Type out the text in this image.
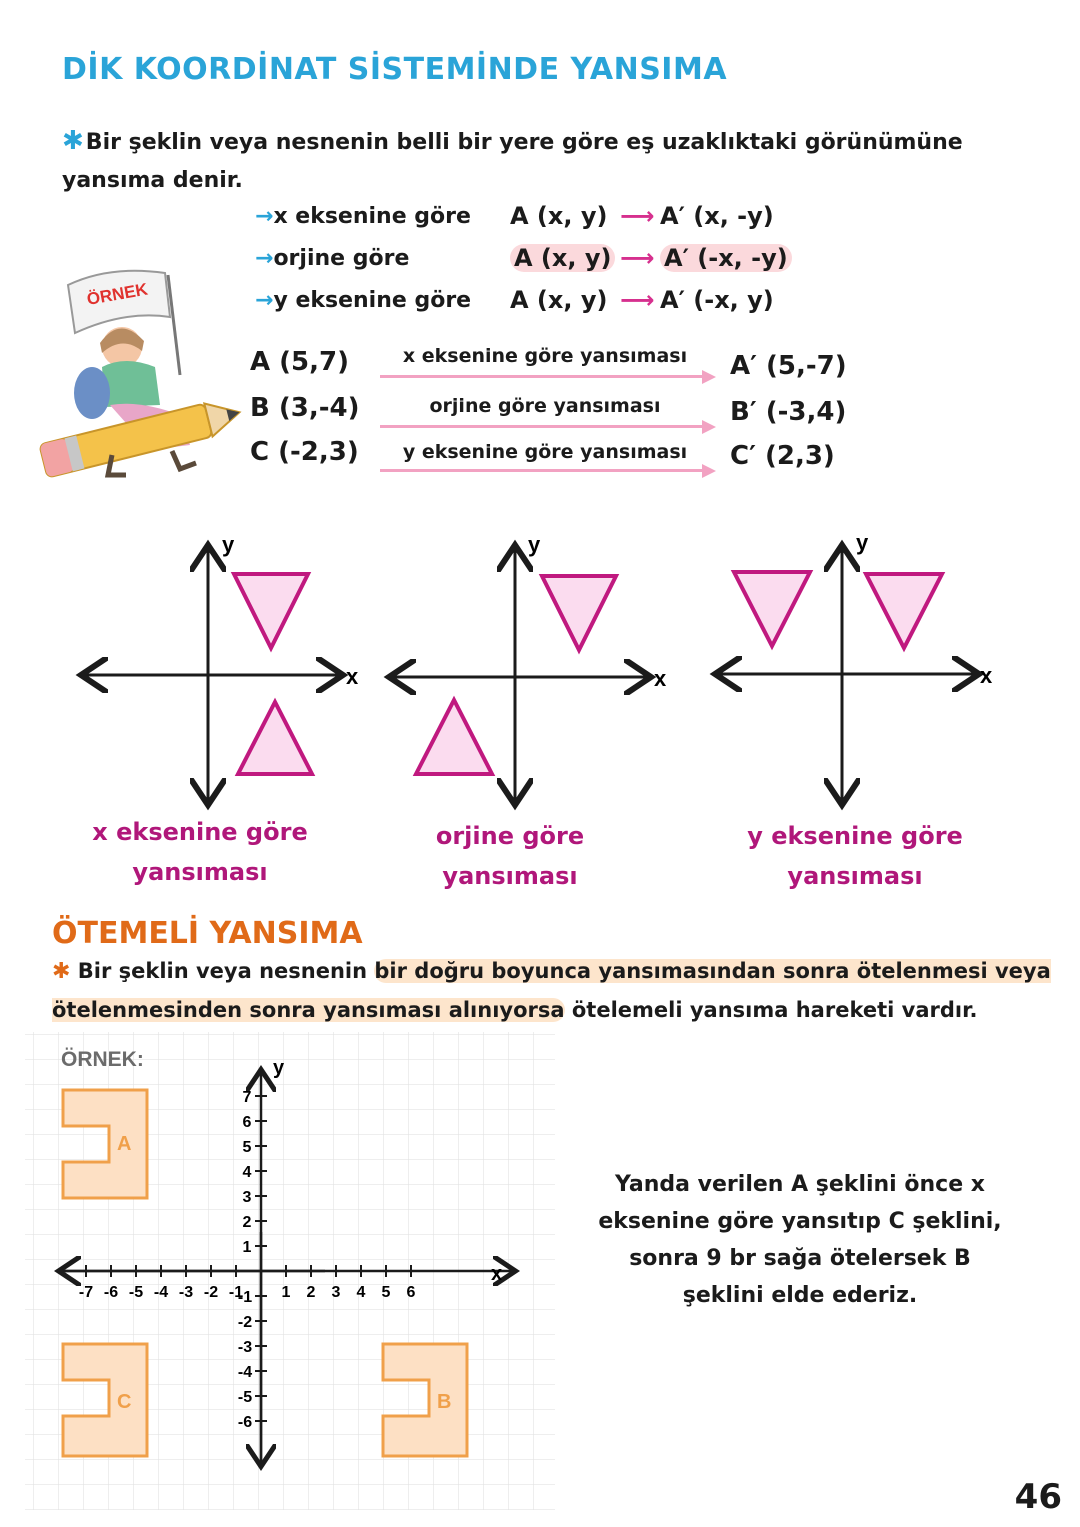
DİK KOORDİNAT SİSTEMİNDE YANSIMA
✱Bir şeklin veya nesnenin belli bir yere göre eş uzaklıktaki görünümüne yansıma denir.
→x eksenine göre A (x, y) ⟶ A′ (x, -y)
→orjine göre	A (x, y) ⟶ A′ (-x, -y)
→y eksenine göre A (x, y) ⟶ A′ (-x, y)
ÖRNEK
A (5,7)	x eksenine göre yansıması	A′ (5,-7)
B (3,-4)	orjine göre yansıması	B′ (-3,4)
C (-2,3)	y eksenine göre yansıması	C′ (2,3)
y
x
y
x
y
x
x eksenine göre
yansıması
orjine göre
yansıması
y eksenine göre
yansıması
ÖTEMELİ YANSIMA
✱ Bir şeklin veya nesnenin bir doğru boyunca yansımasından sonra ötelenmesi veya ötelenmesinden sonra yansıması alınıyorsa ötelemeli yansıma hareketi vardır.
ÖRNEK:	y
x
-7 -6 -5 -4 -3 -2 -1 1 2 3 4 5 6
1
2
3
4
5
6
7
-1
-2
-3
-4
-5
-6
A
C	B
Yanda verilen A şeklini önce x eksenine göre yansıtıp C şeklini, sonra 9 br sağa ötelersek B şeklini elde ederiz.
46
